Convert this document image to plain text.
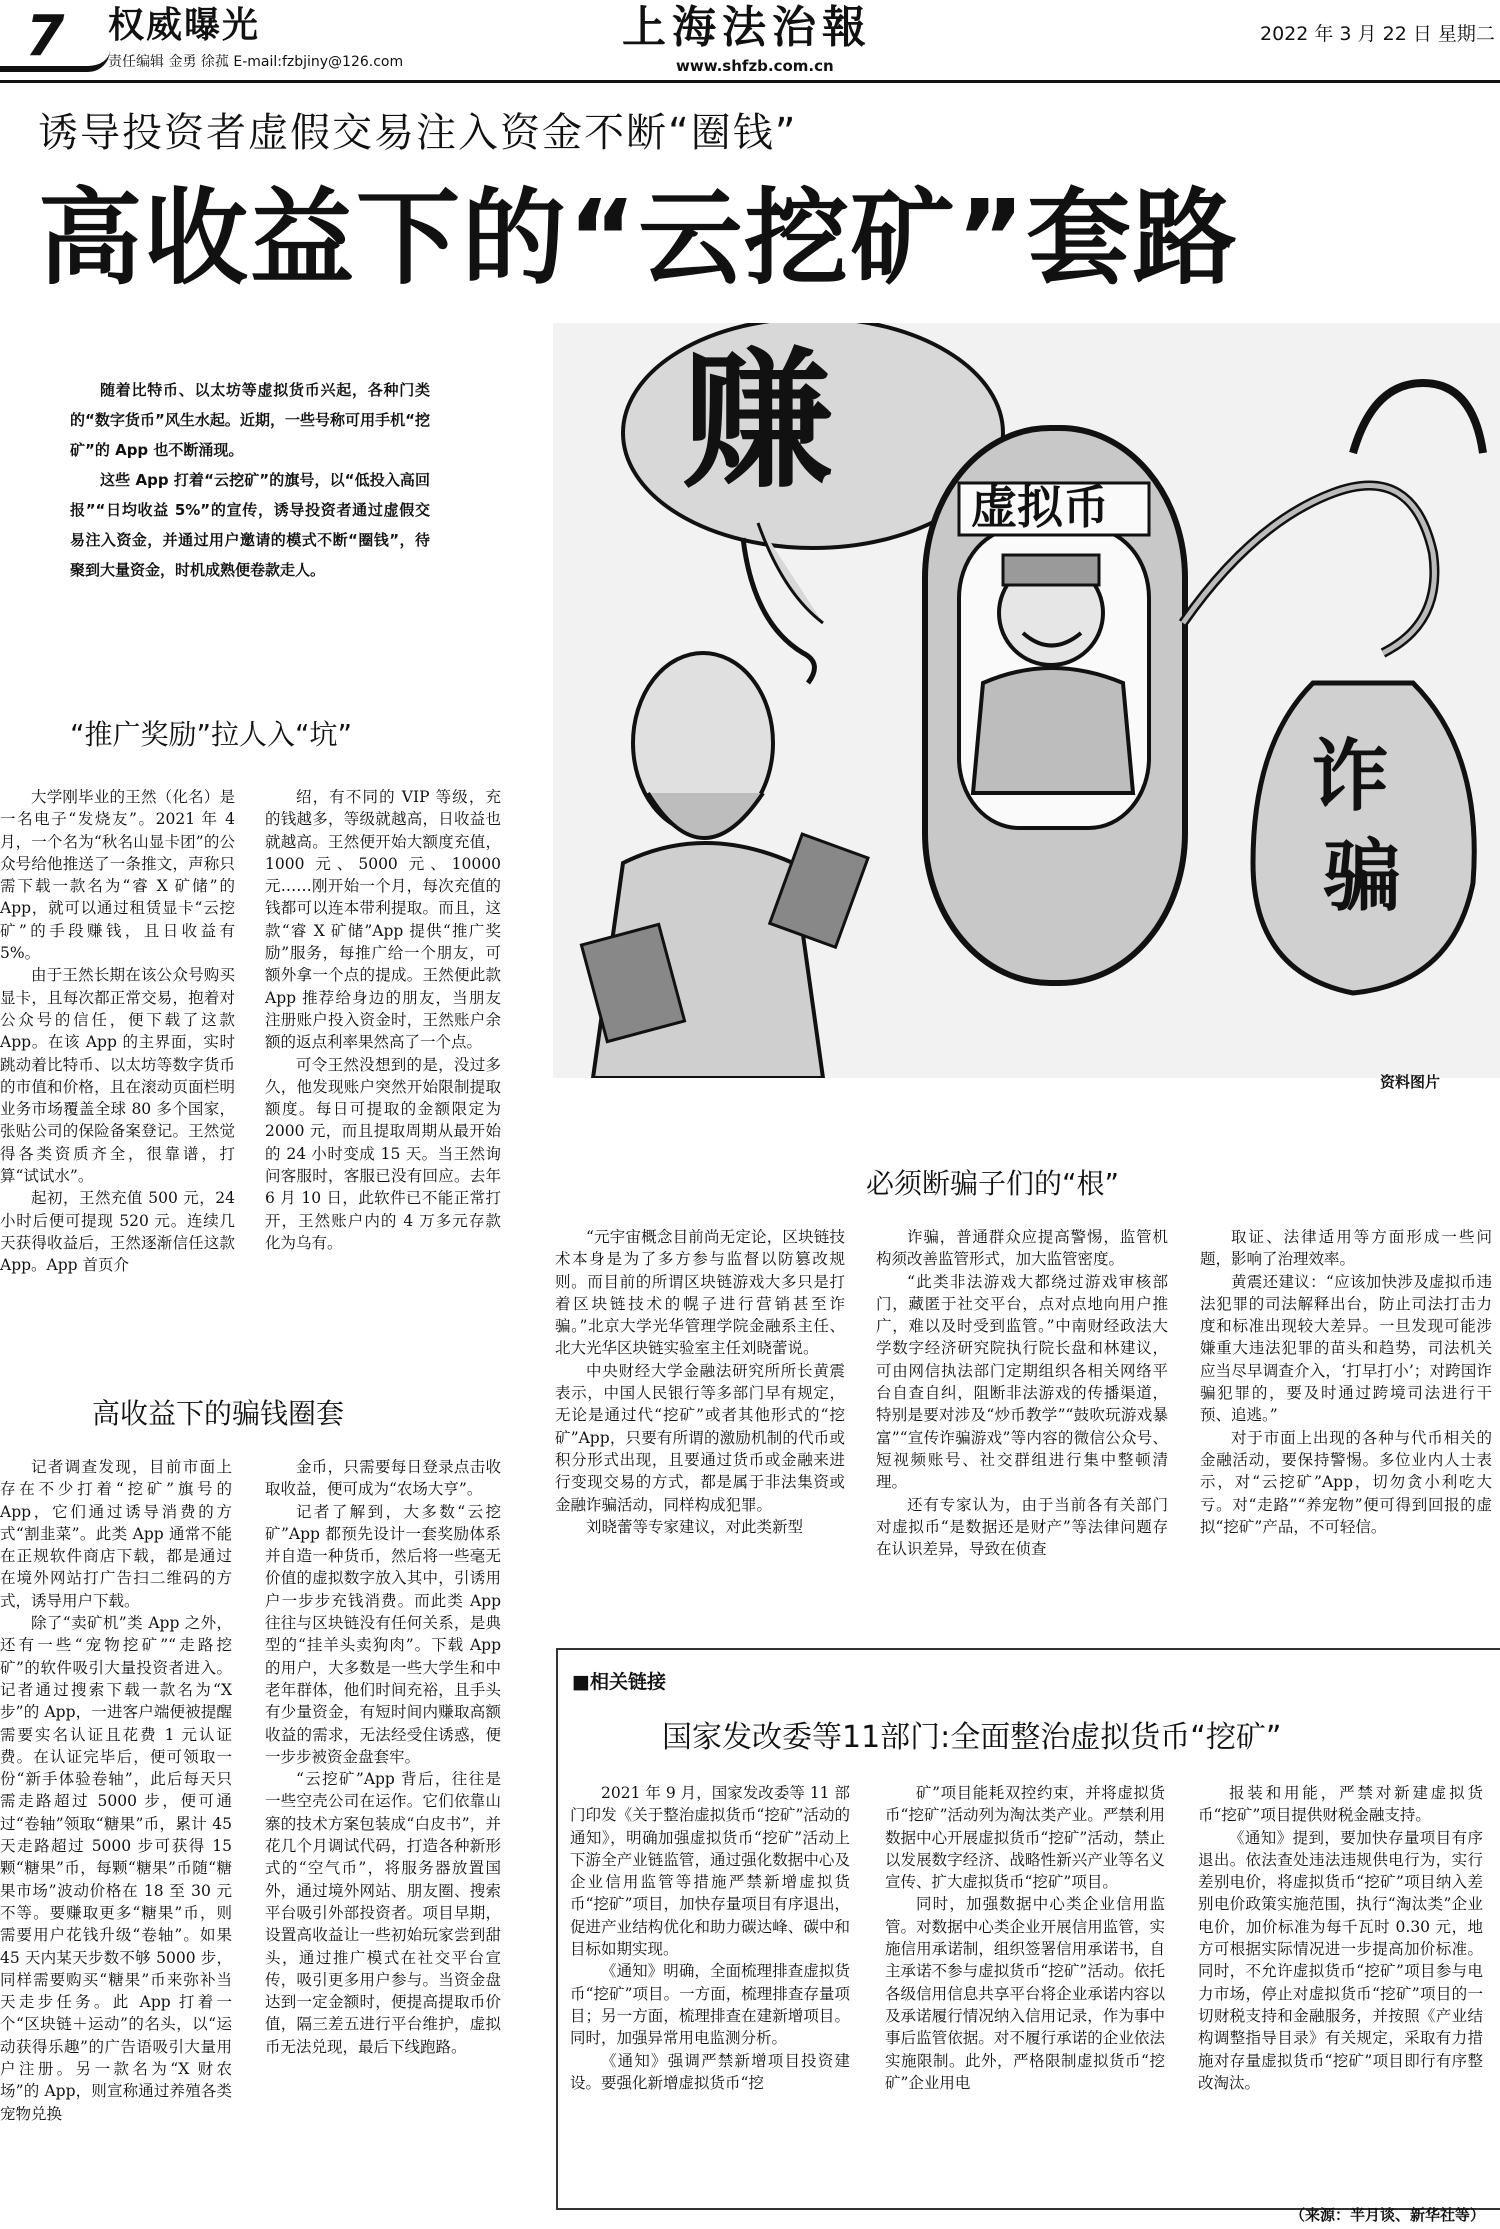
7	权威曝光
责任编辑 金勇 徐菰 E-mail:fzbjiny@126.com
上海法治報
www.shfzb.com.cn
2022 年 3 月 22 日 星期二
诱导投资者虚假交易注入资金不断“圈钱”
高收益下的“云挖矿”套路

随着比特币、以太坊等虚拟货币兴起，各种门类的“数字货币”风生水起。近期，一些号称可用手机“挖矿”的 App 也不断涌现。

这些 App 打着“云挖矿”的旗号，以“低投入高回报”“日均收益 5%”的宣传，诱导投资者通过虚假交易注入资金，并通过用户邀请的模式不断“圈钱”，待聚到大量资金，时机成熟便卷款走人。

赚	虚拟币
诈
骗
资料图片
“推广奖励”拉人入“坑”

大学刚毕业的王然（化名）是一名电子“发烧友”。2021 年 4 月，一个名为“秋名山显卡团”的公众号给他推送了一条推文，声称只需下载一款名为“睿 X 矿储”的 App，就可以通过租赁显卡“云挖矿”的手段赚钱，且日收益有 5%。

由于王然长期在该公众号购买显卡，且每次都正常交易，抱着对公众号的信任，便下载了这款 App。在该 App 的主界面，实时跳动着比特币、以太坊等数字货币的市值和价格，且在滚动页面栏明业务市场覆盖全球 80 多个国家，张贴公司的保险备案登记。王然觉得各类资质齐全，很靠谱，打算“试试水”。

起初，王然充值 500 元，24 小时后便可提现 520 元。连续几天获得收益后，王然逐渐信任这款 App。App 首页介

绍，有不同的 VIP 等级，充的钱越多，等级就越高，日收益也就越高。王然便开始大额度充值，1000 元、5000 元、10000 元……刚开始一个月，每次充值的钱都可以连本带利提取。而且，这款“睿 X 矿储”App 提供“推广奖励”服务，每推广给一个朋友，可额外拿一个点的提成。王然便此款 App 推荐给身边的朋友，当朋友注册账户投入资金时，王然账户余额的返点利率果然高了一个点。

可令王然没想到的是，没过多久，他发现账户突然开始限制提取额度。每日可提取的金额限定为 2000 元，而且提取周期从最开始的 24 小时变成 15 天。当王然询问客服时，客服已没有回应。去年 6 月 10 日，此软件已不能正常打开，王然账户内的 4 万多元存款化为乌有。

高收益下的骗钱圈套

记者调查发现，目前市面上存在不少打着“挖矿”旗号的 App，它们通过诱导消费的方式“割韭菜”。此类 App 通常不能在正规软件商店下载，都是通过在境外网站打广告扫二维码的方式，诱导用户下载。

除了“卖矿机”类 App 之外，还有一些“宠物挖矿”“走路挖矿”的软件吸引大量投资者进入。记者通过搜索下载一款名为“X 步”的 App，一进客户端便被提醒需要实名认证且花费 1 元认证费。在认证完毕后，便可领取一份“新手体验卷轴”，此后每天只需走路超过 5000 步，便可通过“卷轴”领取“糖果”币，累计 45 天走路超过 5000 步可获得 15 颗“糖果”币，每颗“糖果”币随“糖果市场”波动价格在 18 至 30 元不等。要赚取更多“糖果”币，则需要用户花钱升级“卷轴”。如果 45 天内某天步数不够 5000 步，同样需要购买“糖果”币来弥补当天走步任务。此 App 打着一个“区块链＋运动”的名头，以“运动获得乐趣”的广告语吸引大量用户注册。另一款名为“X 财农场”的 App，则宣称通过养殖各类宠物兑换

金币，只需要每日登录点击收取收益，便可成为“农场大亨”。

记者了解到，大多数“云挖矿”App 都预先设计一套奖励体系并自造一种货币，然后将一些毫无价值的虚拟数字放入其中，引诱用户一步步充钱消费。而此类 App 往往与区块链没有任何关系，是典型的“挂羊头卖狗肉”。下载 App 的用户，大多数是一些大学生和中老年群体，他们时间充裕，且手头有少量资金，有短时间内赚取高额收益的需求，无法经受住诱惑，便一步步被资金盘套牢。

“云挖矿”App 背后，往往是一些空壳公司在运作。它们依靠山寨的技术方案包装成“白皮书”，并花几个月调试代码，打造各种新形式的“空气币”，将服务器放置国外，通过境外网站、朋友圈、搜索平台吸引外部投资者。项目早期，设置高收益让一些初始玩家尝到甜头，通过推广模式在社交平台宣传，吸引更多用户参与。当资金盘达到一定金额时，便提高提取币价值，隔三差五进行平台维护，虚拟币无法兑现，最后下线跑路。

必须断骗子们的“根”

“元宇宙概念目前尚无定论，区块链技术本身是为了多方参与监督以防篡改规则。而目前的所谓区块链游戏大多只是打着区块链技术的幌子进行营销甚至诈骗。”北京大学光华管理学院金融系主任、北大光华区块链实验室主任刘晓蕾说。

中央财经大学金融法研究所所长黄震表示，中国人民银行等多部门早有规定，无论是通过代“挖矿”或者其他形式的“挖矿”App，只要有所谓的激励机制的代币或积分形式出现，且要通过货币或金融来进行变现交易的方式，都是属于非法集资或金融诈骗活动，同样构成犯罪。

刘晓蕾等专家建议，对此类新型

诈骗，普通群众应提高警惕，监管机构须改善监管形式，加大监管密度。

“此类非法游戏大都绕过游戏审核部门，藏匿于社交平台，点对点地向用户推广，难以及时受到监管。”中南财经政法大学数字经济研究院执行院长盘和林建议，可由网信执法部门定期组织各相关网络平台自查自纠，阻断非法游戏的传播渠道，特别是要对涉及“炒币教学”“鼓吹玩游戏暴富”“宣传诈骗游戏”等内容的微信公众号、短视频账号、社交群组进行集中整顿清理。

还有专家认为，由于当前各有关部门对虚拟币“是数据还是财产”等法律问题存在认识差异，导致在侦查

取证、法律适用等方面形成一些问题，影响了治理效率。

黄震还建议：“应该加快涉及虚拟币违法犯罪的司法解释出台，防止司法打击力度和标准出现较大差异。一旦发现可能涉嫌重大违法犯罪的苗头和趋势，司法机关应当尽早调查介入，‘打早打小’；对跨国诈骗犯罪的，要及时通过跨境司法进行干预、追逃。”

对于市面上出现的各种与代币相关的金融活动，要保持警惕。多位业内人士表示，对“云挖矿”App，切勿贪小利吃大亏。对“走路”“养宠物”便可得到回报的虚拟“挖矿”产品，不可轻信。

■相关链接
国家发改委等11部门:全面整治虚拟货币“挖矿”

2021 年 9 月，国家发改委等 11 部门印发《关于整治虚拟货币“挖矿”活动的通知》，明确加强虚拟货币“挖矿”活动上下游全产业链监管，通过强化数据中心及企业信用监管等措施严禁新增虚拟货币“挖矿”项目，加快存量项目有序退出，促进产业结构优化和助力碳达峰、碳中和目标如期实现。

《通知》明确，全面梳理排查虚拟货币“挖矿”项目。一方面，梳理排查存量项目；另一方面，梳理排查在建新增项目。同时，加强异常用电监测分析。

《通知》强调严禁新增项目投资建设。要强化新增虚拟货币“挖

矿”项目能耗双控约束，并将虚拟货币“挖矿”活动列为淘汰类产业。严禁利用数据中心开展虚拟货币“挖矿”活动，禁止以发展数字经济、战略性新兴产业等名义宣传、扩大虚拟货币“挖矿”项目。

同时，加强数据中心类企业信用监管。对数据中心类企业开展信用监管，实施信用承诺制，组织签署信用承诺书，自主承诺不参与虚拟货币“挖矿”活动。依托各级信用信息共享平台将企业承诺内容以及承诺履行情况纳入信用记录，作为事中事后监管依据。对不履行承诺的企业依法实施限制。此外，严格限制虚拟货币“挖矿”企业用电

报装和用能，严禁对新建虚拟货币“挖矿”项目提供财税金融支持。

《通知》提到，要加快存量项目有序退出。依法查处违法违规供电行为，实行差别电价，将虚拟货币“挖矿”项目纳入差别电价政策实施范围，执行“淘汰类”企业电价，加价标准为每千瓦时 0.30 元，地方可根据实际情况进一步提高加价标准。同时，不允许虚拟货币“挖矿”项目参与电力市场，停止对虚拟货币“挖矿”项目的一切财税支持和金融服务，并按照《产业结构调整指导目录》有关规定，采取有力措施对存量虚拟货币“挖矿”项目即行有序整改淘汰。

（来源：半月谈、新华社等）
